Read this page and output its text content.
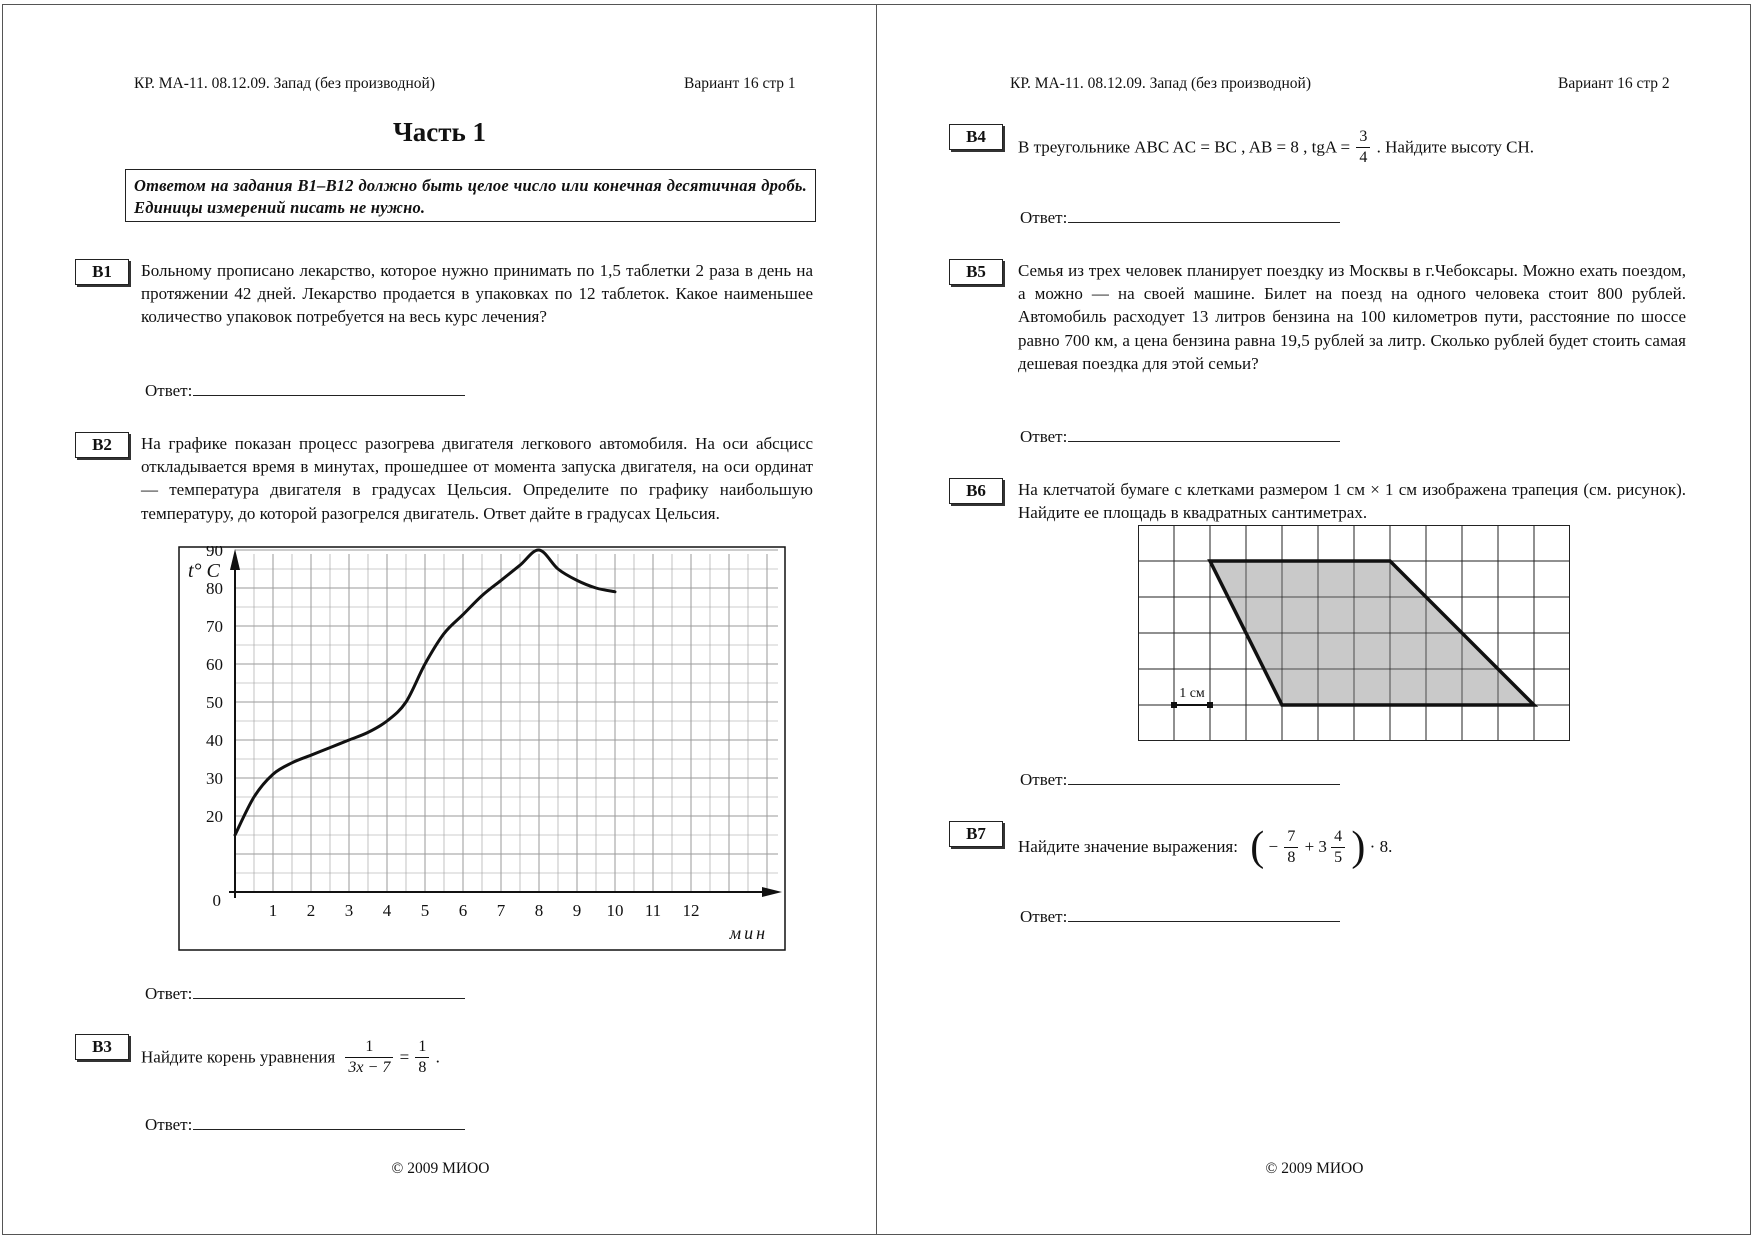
КР. МА-11. 08.12.09. Запад (без производной)	Вариант 16 стр 1
Часть 1
Ответом на задания B1–B12 должно быть целое число или конечная десятичная дробь. Единицы измерений писать не нужно.
B1	Больному прописано лекарство, которое нужно принимать по 1,5 таблетки 2 раза в день на протяжении 42 дней. Лекарство продается в упаковках по 12 таблеток. Какое наименьшее количество упаковок потребуется на весь курс лечения?
Ответ:
B2	На графике показан процесс разогрева двигателя легкового автомобиля. На оси абсцисс откладывается время в минутах, прошедшее от момента запуска двигателя, на оси ординат — температура двигателя в градусах Цельсия. Определите по графику наибольшую температуру, до которой разогрелся двигатель. Ответ дайте в градусах Цельсия.
1 2 3 4 5 6 7 8 9 10 11 12
20
30
40
50
60
70
80
90
0
t° C
мин
Ответ:
B3
Найдите корень уравнения $\frac{1}{3x - 7} = \frac{1}{8}$ .
Ответ:
© 2009 МИОО
КР. МА-11. 08.12.09. Запад (без производной)	Вариант 16 стр 2
B4
В треугольнике ABC AC = BC , AB = 8 , tgA = $\frac{3}{4}$ . Найдите высоту CH.
Ответ:
B5	Семья из трех человек планирует поездку из Москвы в г.Чебоксары. Можно ехать поездом, а можно — на своей машине. Билет на поезд на одного человека стоит 800 рублей. Автомобиль расходует 13 литров бензина на 100 километров пути, расстояние по шоссе равно 700 км, а цена бензина равна 19,5 рублей за литр. Сколько рублей будет стоить самая дешевая поездка для этой семьи?
Ответ:
B6	На клетчатой бумаге с клетками размером 1 см × 1 см изображена трапеция (см. рисунок). Найдите ее площадь в квадратных сантиметрах.
1 см
Ответ:
B7
Найдите значение выражения: ( − $\frac{7}{8} + 3 \frac{4}{5}$ ) · 8.
Ответ:
© 2009 МИОО
